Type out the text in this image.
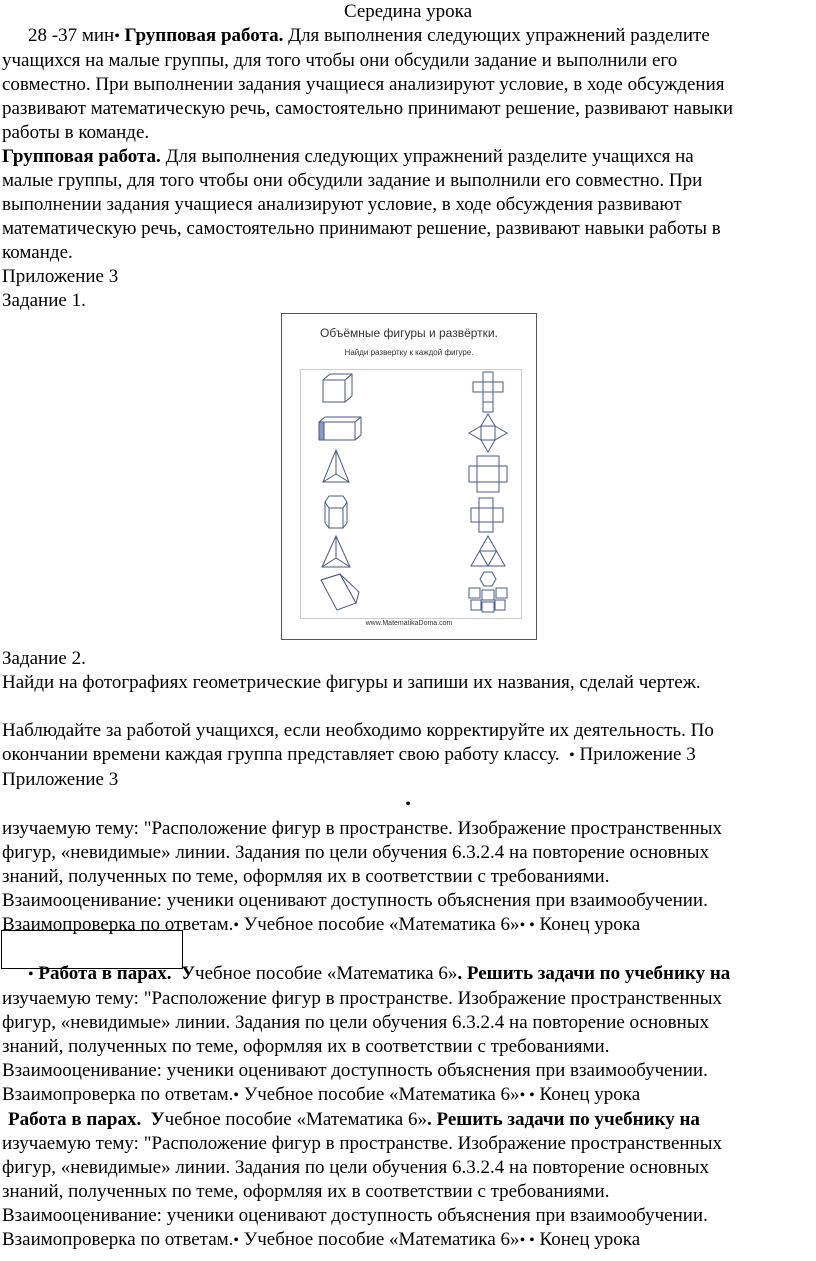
Середина урока
28 -37 мин• Групповая работа. Для выполнения следующих упражнений разделите
учащихся на малые группы, для того чтобы они обсудили задание и выполнили его
совместно. При выполнении задания учащиеся анализируют условие, в ходе обсуждения
развивают математическую речь, самостоятельно принимают решение, развивают навыки
работы в команде.
Групповая работа. Для выполнения следующих упражнений разделите учащихся на
малые группы, для того чтобы они обсудили задание и выполнили его совместно. При
выполнении задания учащиеся анализируют условие, в ходе обсуждения развивают
математическую речь, самостоятельно принимают решение, развивают навыки работы в
команде.
Приложение 3
Задание 1.
Задание 2.
Найди на фотографиях геометрические фигуры и запиши их названия, сделай чертеж.

Наблюдайте за работой учащихся, если необходимо корректируйте их деятельность. По
окончании времени каждая группа представляет свою работу классу. • Приложение 3
Приложение 3
•
изучаемую тему: "Расположение фигур в пространстве. Изображение пространственных
фигур, «невидимые» линии. Задания по цели обучения 6.3.2.4 на повторение основных
знаний, полученных по теме, оформляя их в соответствии с требованиями.
Взаимооценивание: ученики оценивают доступность объяснения при взаимообучении.
Взаимопроверка по ответам.• Учебное пособие «Математика 6»• • Конец урока

• Работа в парах. Учебное пособие «Математика 6». Решить задачи по учебнику на
изучаемую тему: "Расположение фигур в пространстве. Изображение пространственных
фигур, «невидимые» линии. Задания по цели обучения 6.3.2.4 на повторение основных
знаний, полученных по теме, оформляя их в соответствии с требованиями.
Взаимооценивание: ученики оценивают доступность объяснения при взаимообучении.
Взаимопроверка по ответам.• Учебное пособие «Математика 6»• • Конец урока
Работа в парах. Учебное пособие «Математика 6». Решить задачи по учебнику на
изучаемую тему: "Расположение фигур в пространстве. Изображение пространственных
фигур, «невидимые» линии. Задания по цели обучения 6.3.2.4 на повторение основных
знаний, полученных по теме, оформляя их в соответствии с требованиями.
Взаимооценивание: ученики оценивают доступность объяснения при взаимообучении.
Взаимопроверка по ответам.• Учебное пособие «Математика 6»• • Конец урока
Объёмные фигуры и развёртки.
Найди развертку к каждой фигуре.
www.MatematikaDoma.com
